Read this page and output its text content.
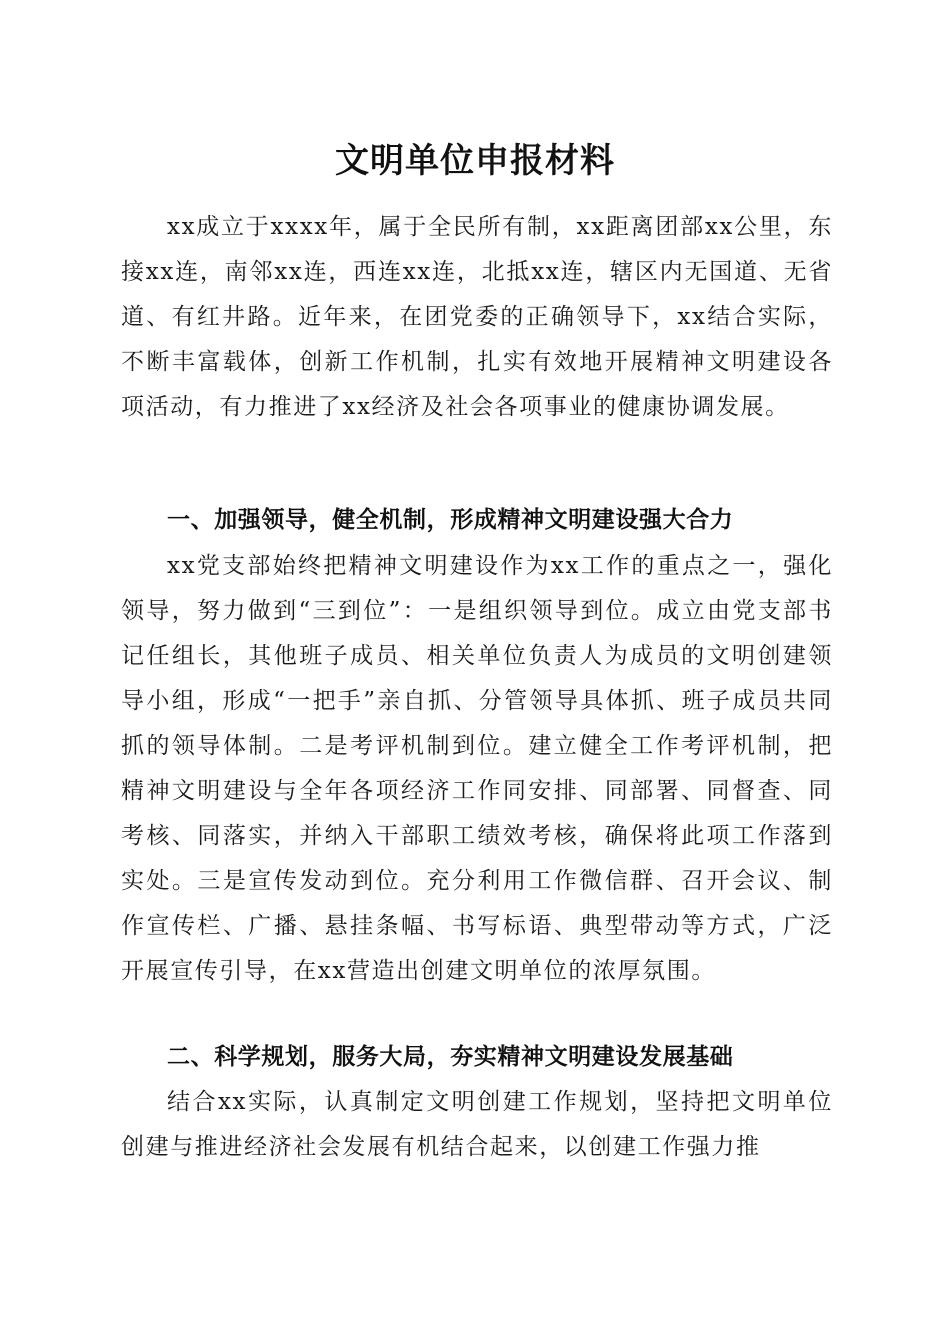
文明单位申报材料

xx成立于xxxx年，属于全民所有制，xx距离团部xx公里，东接xx连，南邻xx连，西连xx连，北抵xx连，辖区内无国道、无省道、有红井路。近年来，在团党委的正确领导下，xx结合实际，不断丰富载体，创新工作机制，扎实有效地开展精神文明建设各项活动，有力推进了xx经济及社会各项事业的健康协调发展。

一、加强领导，健全机制，形成精神文明建设强大合力

xx党支部始终把精神文明建设作为xx工作的重点之一，强化领导，努力做到“三到位”：一是组织领导到位。成立由党支部书记任组长，其他班子成员、相关单位负责人为成员的文明创建领导小组，形成“一把手”亲自抓、分管领导具体抓、班子成员共同抓的领导体制。二是考评机制到位。建立健全工作考评机制，把精神文明建设与全年各项经济工作同安排、同部署、同督查、同考核、同落实，并纳入干部职工绩效考核，确保将此项工作落到实处。三是宣传发动到位。充分利用工作微信群、召开会议、制作宣传栏、广播、悬挂条幅、书写标语、典型带动等方式，广泛开展宣传引导，在xx营造出创建文明单位的浓厚氛围。

二、科学规划，服务大局，夯实精神文明建设发展基础

结合xx实际，认真制定文明创建工作规划，坚持把文明单位创建与推进经济社会发展有机结合起来，以创建工作强力推
